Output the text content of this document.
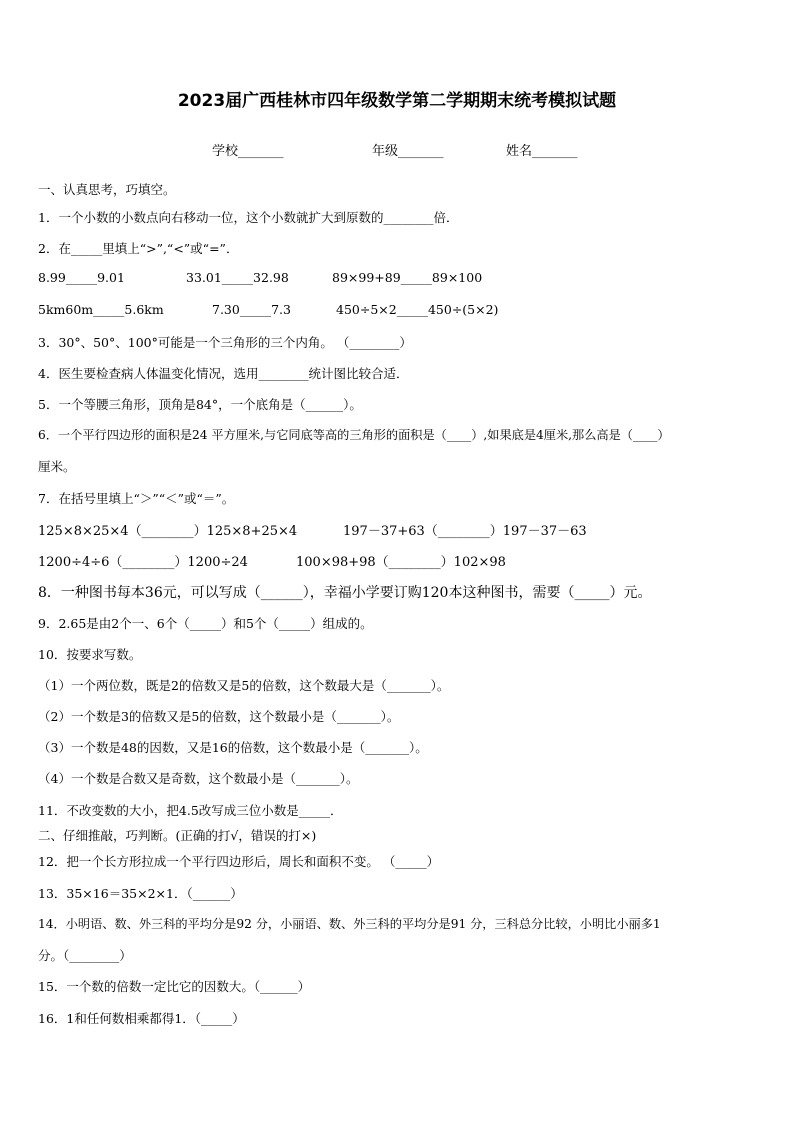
2023届广西桂林市四年级数学第二学期期末统考模拟试题
学校_______	年级_______	姓名_______
一、认真思考，巧填空。
1．一个小数的小数点向右移动一位，这个小数就扩大到原数的________倍．
2．在_____里填上“>”,“<”或“=”．
8.99_____9.01	33.01_____32.98	89×99+89_____89×100
5km60m_____5.6km	7.30_____7.3	450÷5×2_____450÷(5×2)
3．30°、50°、100°可能是一个三角形的三个内角。 （________）
4．医生要检查病人体温变化情况，选用________统计图比较合适．
5．一个等腰三角形，顶角是84°，一个底角是（______）。
6．一个平行四边形的面积是24 平方厘米,与它同底等高的三角形的面积是（____）,如果底是4厘米,那么高是（____）
厘米。
7．在括号里填上“＞”“＜”或“＝”。
125×8×25×4（________）125×8+25×4	197－37+63（________）197－37－63
1200÷4÷6（________）1200÷24	100×98+98（________）102×98
8．一种图书每本36元，可以写成（______），幸福小学要订购120本这种图书，需要（_____）元。
9．2.65是由2个一、6个（_____）和5个（_____）组成的。
10．按要求写数。
（1）一个两位数，既是2的倍数又是5的倍数，这个数最大是（_______）。
（2）一个数是3的倍数又是5的倍数，这个数最小是（_______）。
（3）一个数是48的因数，又是16的倍数，这个数最小是（_______）。
（4）一个数是合数又是奇数，这个数最小是（_______）。
11．不改变数的大小，把4.5改写成三位小数是_____．
二、仔细推敲，巧判断。(正确的打√，错误的打×)
12．把一个长方形拉成一个平行四边形后，周长和面积不变。 （_____）
13．35×16＝35×2×1．（______）
14．小明语、数、外三科的平均分是92 分，小丽语、数、外三科的平均分是91 分，三科总分比较，小明比小丽多1
分。（________）
15．一个数的倍数一定比它的因数大。（______）
16．1和任何数相乘都得1．（_____）
